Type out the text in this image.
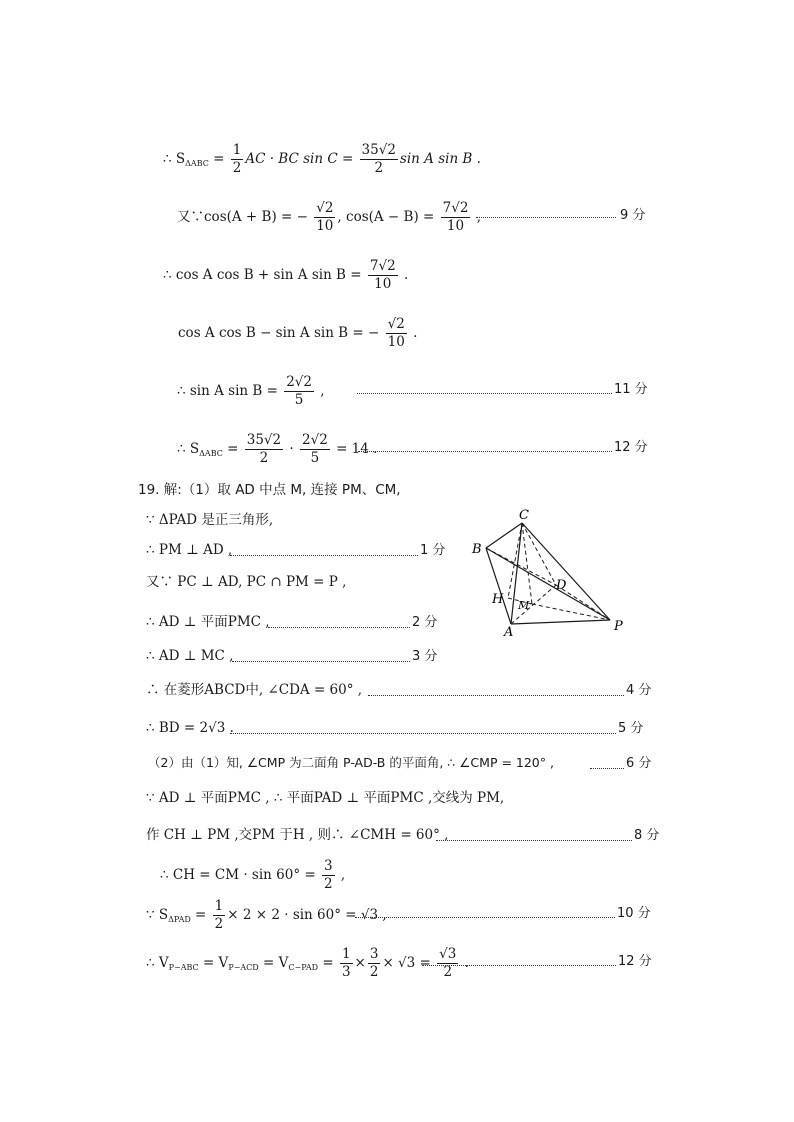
∴ $S_{\Delta ABC} = \frac{1}{2}$ AC · BC $\sin C = \frac{35√2}{2}$ sin A sin B .
又∵cos(A + B) = − $\frac{√2}{10}$ , $\cos(A - B) = \frac{7√2}{10}$ ,	9 分
∴ cos A cos B + sin A $\sin B = \frac{7√2}{10}$ .
cos A cos B − sin A sin B = − $\frac{√2}{10}$ .
∴ sin A $\sin B = \frac{2√2}{5}$ ,	11 分
∴ $S_{\Delta ABC} = \frac{35√2}{2} \cdot \frac{2√2}{5} = 14$ .	12 分
19. 解:（1）取 AD 中点 M, 连接 PM、CM,
∵ ΔPAD 是正三角形,
∴ PM ⊥ AD ,	1 分
又∵ PC ⊥ AD, PC ∩ PM = P ,
∴ AD ⊥ 平面PMC ,	2 分
∴ AD ⊥ MC ,	3 分
∴ 在菱形ABCD中, ∠CDA = 60° ,	4 分
∴ BD = 2√3 .	5 分
（2）由（1）知, ∠CMP 为二面角 P-AD-B 的平面角, ∴ ∠CMP = 120° ,	6 分
∵ AD ⊥ 平面PMC , ∴ 平面PAD ⊥ 平面PMC ,交线为 PM,
作 CH ⊥ PM ,交PM 于H , 则∴ ∠CMH = 60° ,	8 分
∴ CH = CM · $\sin 60^\circ = \frac{3}{2}$ ,
∵ $S_{\Delta PAD} = \frac{1}{2} \times 2 \times 2 \cdot \sin 60^\circ = √3$ ,	10 分
∴ $V_{P-ABC} = V_{P-ACD} = V_{C-PAD} = \frac{1}{3} \times \frac{3}{2} \times √3 = \frac{√3}{2}$ .	12 分
C
B
D
H M
A	P
